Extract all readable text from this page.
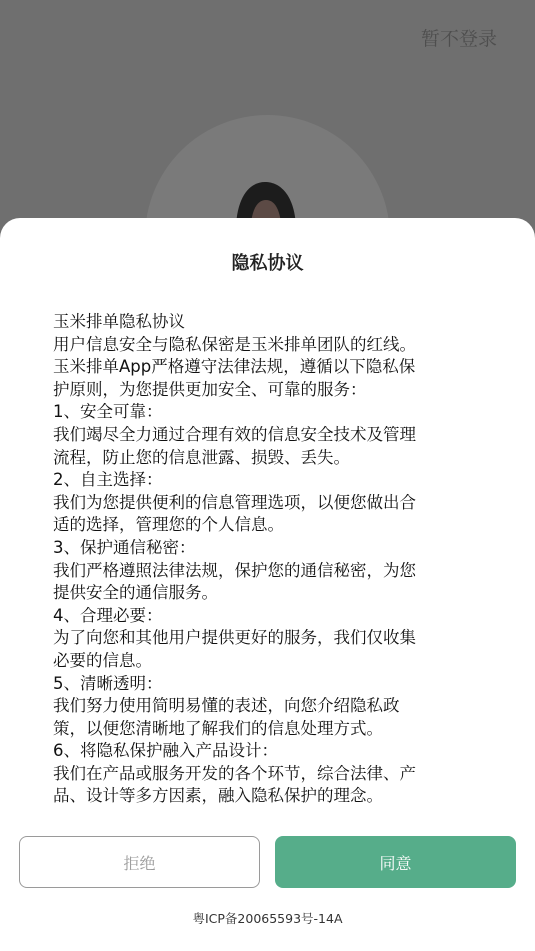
暂不登录
隐私协议
玉米排单隐私协议
用户信息安全与隐私保密是玉米排单团队的红线。
玉米排单App严格遵守法律法规，遵循以下隐私保
护原则，为您提供更加安全、可靠的服务：
1、安全可靠：
我们竭尽全力通过合理有效的信息安全技术及管理
流程，防止您的信息泄露、损毁、丢失。
2、自主选择：
我们为您提供便利的信息管理选项，以便您做出合
适的选择，管理您的个人信息。
3、保护通信秘密：
我们严格遵照法律法规，保护您的通信秘密，为您
提供安全的通信服务。
4、合理必要：
为了向您和其他用户提供更好的服务，我们仅收集
必要的信息。
5、清晰透明：
我们努力使用简明易懂的表述，向您介绍隐私政
策，以便您清晰地了解我们的信息处理方式。
6、将隐私保护融入产品设计：
我们在产品或服务开发的各个环节，综合法律、产
品、设计等多方因素，融入隐私保护的理念。
拒绝	同意
粤ICP备20065593号-14A
